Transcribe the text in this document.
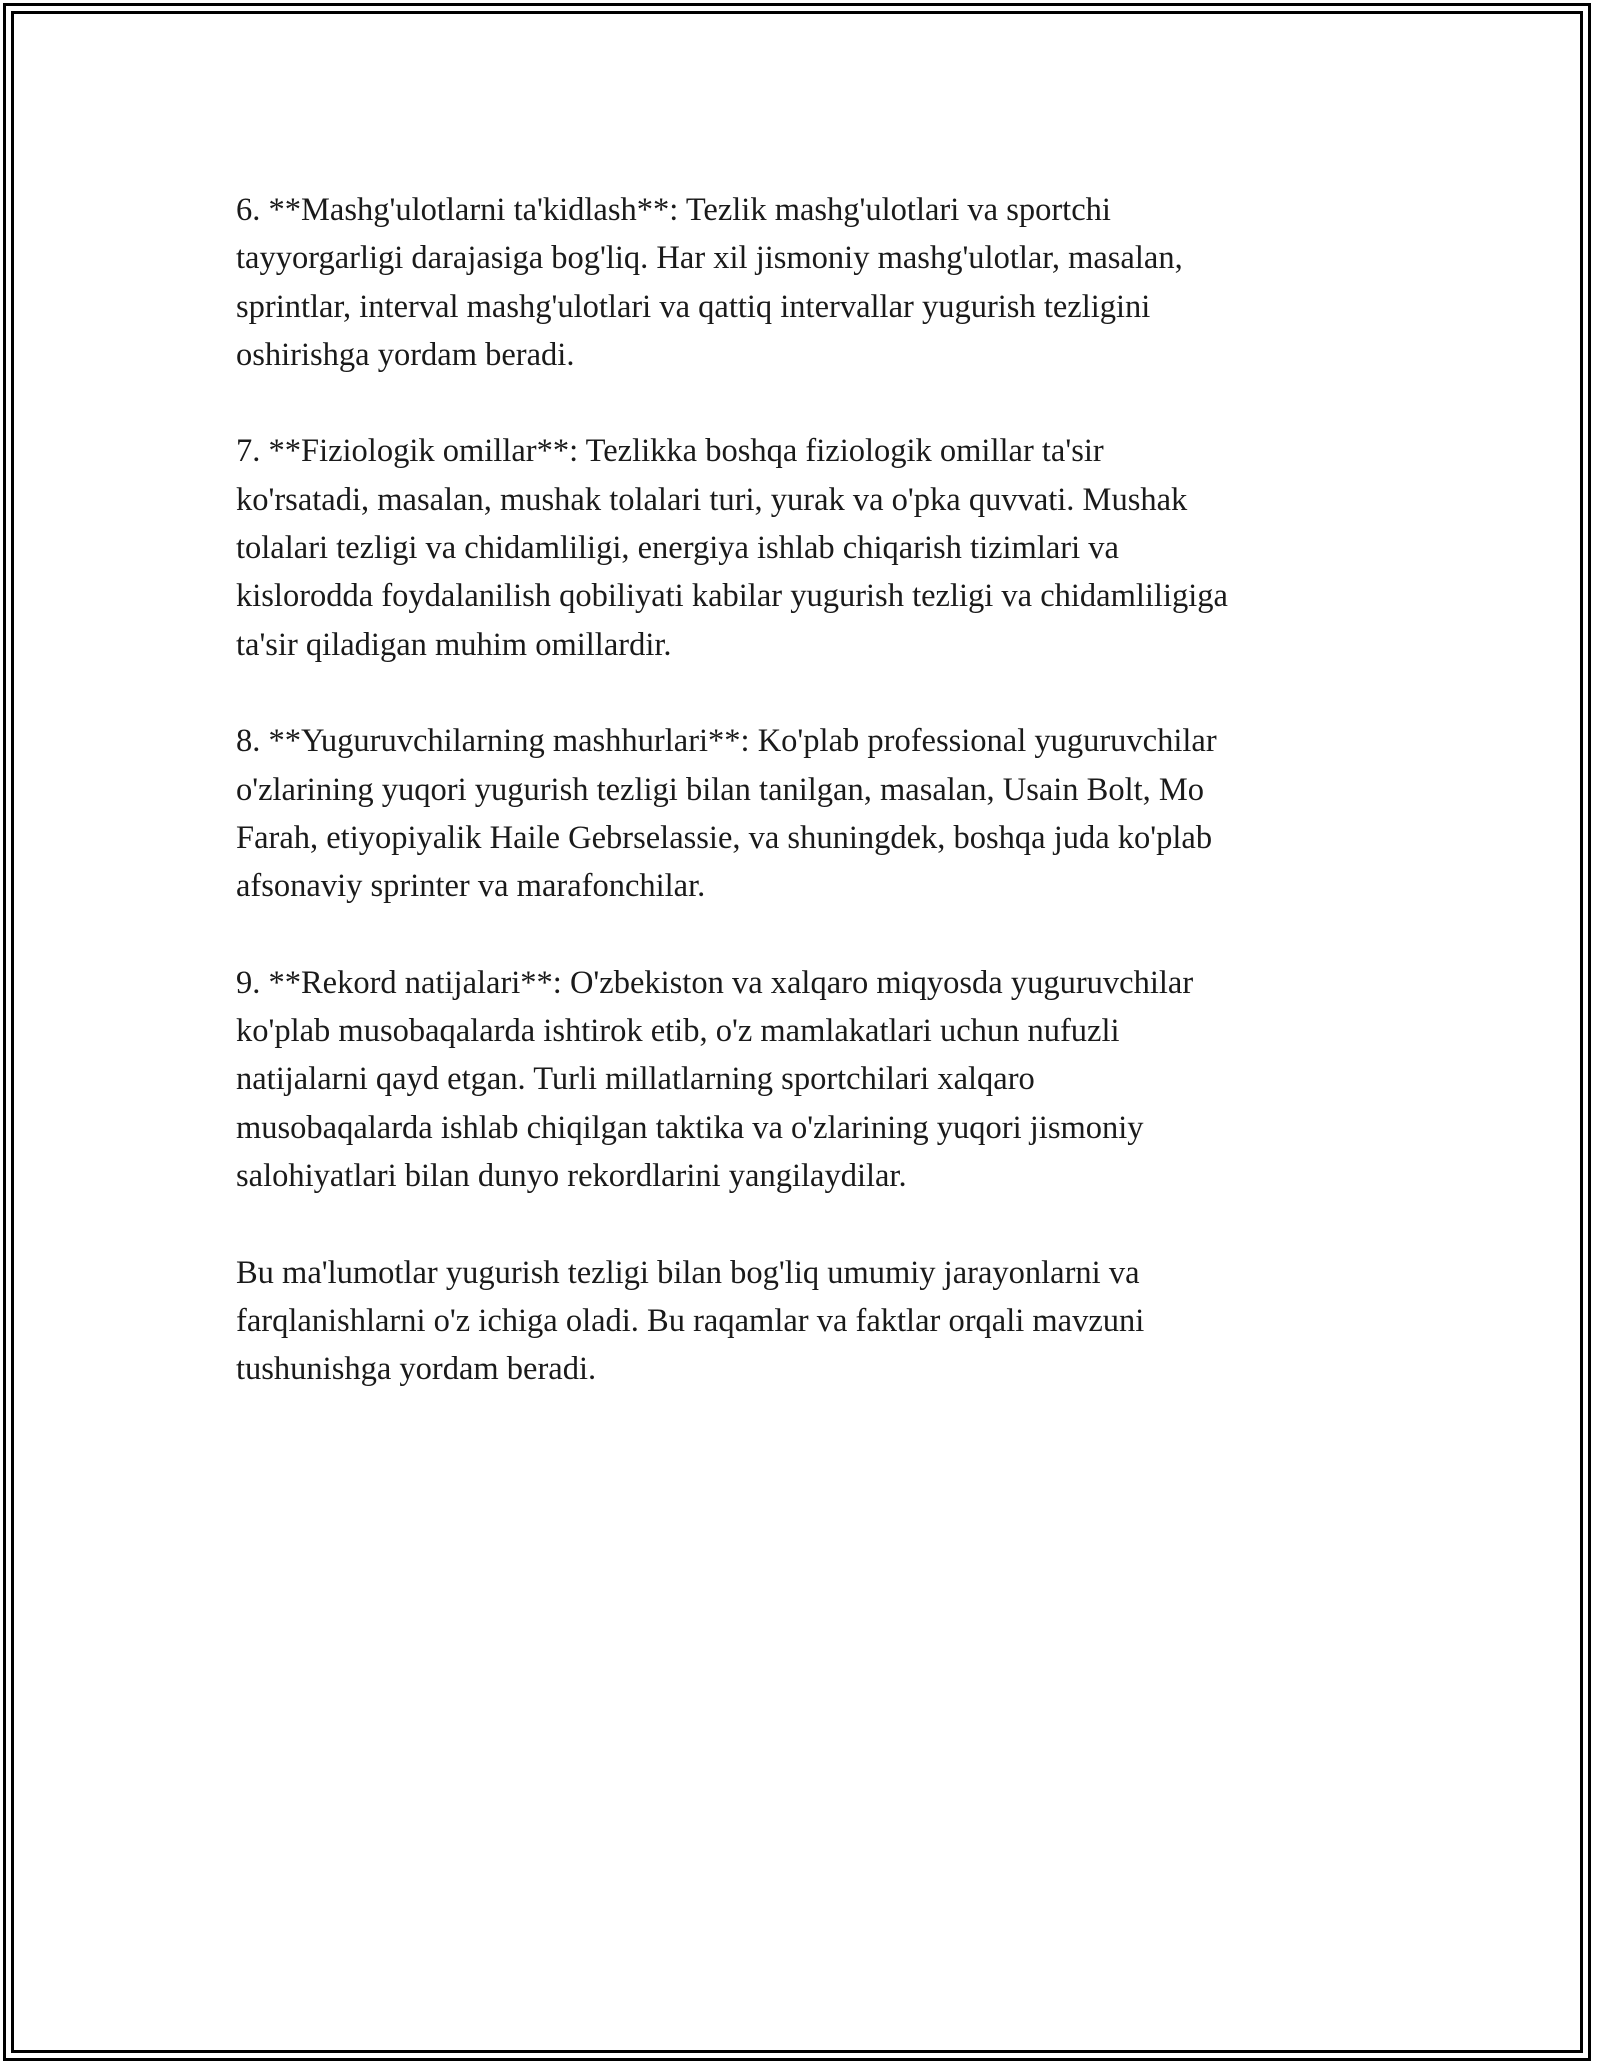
6. **Mashg'ulotlarni ta'kidlash**: Tezlik mashg'ulotlari va sportchi
tayyorgarligi darajasiga bog'liq. Har xil jismoniy mashg'ulotlar, masalan,
sprintlar, interval mashg'ulotlari va qattiq intervallar yugurish tezligini
oshirishga yordam beradi.

7. **Fiziologik omillar**: Tezlikka boshqa fiziologik omillar ta'sir
ko'rsatadi, masalan, mushak tolalari turi, yurak va o'pka quvvati. Mushak
tolalari tezligi va chidamliligi, energiya ishlab chiqarish tizimlari va
kislorodda foydalanilish qobiliyati kabilar yugurish tezligi va chidamliligiga
ta'sir qiladigan muhim omillardir.

8. **Yuguruvchilarning mashhurlari**: Ko'plab professional yuguruvchilar
o'zlarining yuqori yugurish tezligi bilan tanilgan, masalan, Usain Bolt, Mo
Farah, etiyopiyalik Haile Gebrselassie, va shuningdek, boshqa juda ko'plab
afsonaviy sprinter va marafonchilar.

9. **Rekord natijalari**: O'zbekiston va xalqaro miqyosda yuguruvchilar
ko'plab musobaqalarda ishtirok etib, o'z mamlakatlari uchun nufuzli
natijalarni qayd etgan. Turli millatlarning sportchilari xalqaro
musobaqalarda ishlab chiqilgan taktika va o'zlarining yuqori jismoniy
salohiyatlari bilan dunyo rekordlarini yangilaydilar.

Bu ma'lumotlar yugurish tezligi bilan bog'liq umumiy jarayonlarni va
farqlanishlarni o'z ichiga oladi. Bu raqamlar va faktlar orqali mavzuni
tushunishga yordam beradi.
